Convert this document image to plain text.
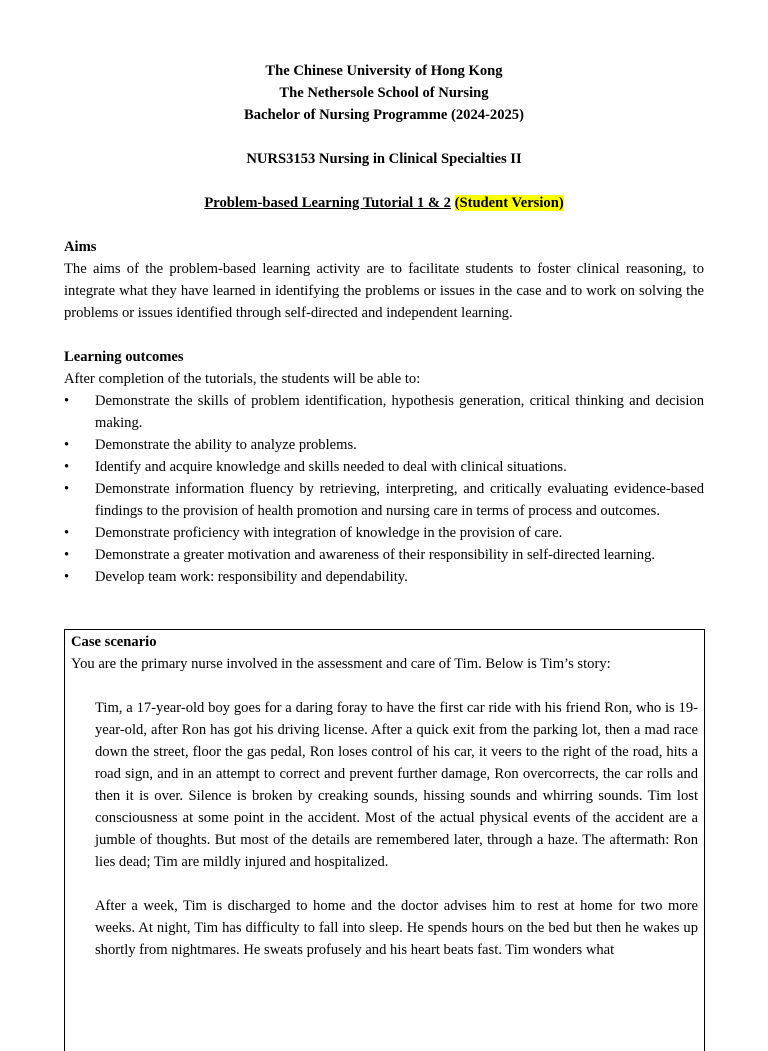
The Chinese University of Hong Kong
The Nethersole School of Nursing
Bachelor of Nursing Programme (2024-2025)
NURS3153 Nursing in Clinical Specialties II
Problem-based Learning Tutorial 1 & 2 (Student Version)
Aims

The aims of the problem-based learning activity are to facilitate students to foster clinical reasoning, to integrate what they have learned in identifying the problems or issues in the case and to work on solving the problems or issues identified through self-directed and independent learning.

Learning outcomes

After completion of the tutorials, the students will be able to:

• Demonstrate the skills of problem identification, hypothesis generation, critical thinking and decision making.
• Demonstrate the ability to analyze problems.
• Identify and acquire knowledge and skills needed to deal with clinical situations.
• Demonstrate information fluency by retrieving, interpreting, and critically evaluating evidence-based findings to the provision of health promotion and nursing care in terms of process and outcomes.
• Demonstrate proficiency with integration of knowledge in the provision of care.
• Demonstrate a greater motivation and awareness of their responsibility in self-directed learning.
• Develop team work: responsibility and dependability.
Case scenario

You are the primary nurse involved in the assessment and care of Tim. Below is Tim’s story:

Tim, a 17-year-old boy goes for a daring foray to have the first car ride with his friend Ron, who is 19-year-old, after Ron has got his driving license. After a quick exit from the parking lot, then a mad race down the street, floor the gas pedal, Ron loses control of his car, it veers to the right of the road, hits a road sign, and in an attempt to correct and prevent further damage, Ron overcorrects, the car rolls and then it is over. Silence is broken by creaking sounds, hissing sounds and whirring sounds. Tim lost consciousness at some point in the accident. Most of the actual physical events of the accident are a jumble of thoughts. But most of the details are remembered later, through a haze. The aftermath: Ron lies dead; Tim are mildly injured and hospitalized.

After a week, Tim is discharged to home and the doctor advises him to rest at home for two more weeks. At night, Tim has difficulty to fall into sleep. He spends hours on the bed but then he wakes up shortly from nightmares. He sweats profusely and his heart beats fast. Tim wonders what
